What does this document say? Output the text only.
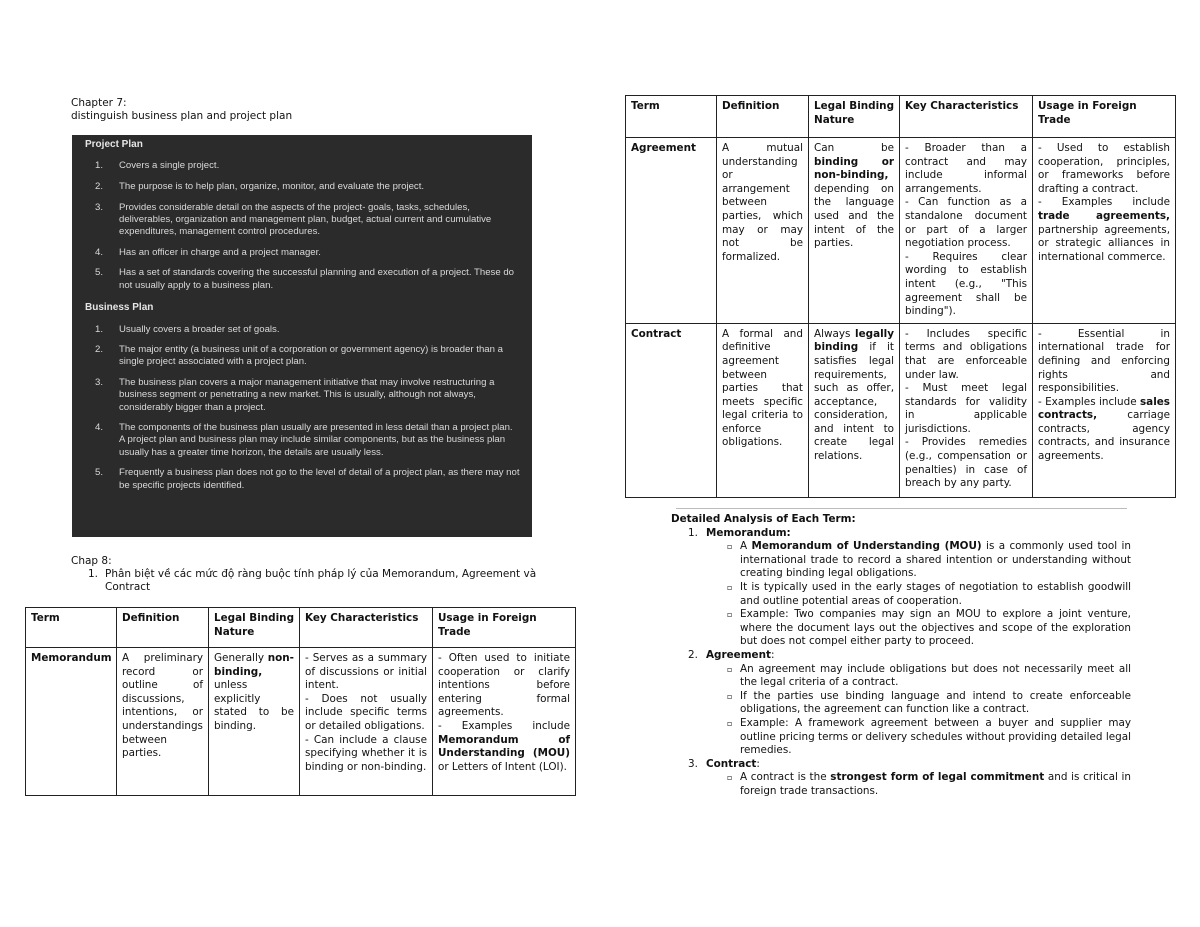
Chapter 7:
distinguish business plan and project plan
Project Plan
1.	Covers a single project.
2.	The purpose is to help plan, organize, monitor, and evaluate the project.
3.	Provides considerable detail on the aspects of the project- goals, tasks, schedules, deliverables, organization and management plan, budget, actual current and cumulative expenditures, management control procedures.
4.	Has an officer in charge and a project manager.
5.	Has a set of standards covering the successful planning and execution of a project. These do not usually apply to a business plan.
Business Plan
1.	Usually covers a broader set of goals.
2.	The major entity (a business unit of a corporation or government agency) is broader than a single project associated with a project plan.
3.	The business plan covers a major management initiative that may involve restructuring a business segment or penetrating a new market. This is usually, although not always, considerably bigger than a project.
4.	The components of the business plan usually are presented in less detail than a project plan. A project plan and business plan may include similar components, but as the business plan usually has a greater time horizon, the details are usually less.
5.	Frequently a business plan does not go to the level of detail of a project plan, as there may not be specific projects identified.
Chap 8:
1. Phân biệt về các mức độ ràng buộc tính pháp lý của Memorandum, Agreement và Contract
Term	Definition	Legal Binding Nature	Key Characteristics	Usage in Foreign Trade
Memorandum	A preliminary record or outline of discussions, intentions, or understandings between parties.	Generally non-binding, unless explicitly stated to be binding.	- Serves as a summary of discussions or initial intent.
- Does not usually include specific terms or detailed obligations.
- Can include a clause specifying whether it is binding or non-binding.	- Often used to initiate cooperation or clarify intentions before entering formal agreements.
- Examples include Memorandum of Understanding (MOU) or Letters of Intent (LOI).
Term	Definition	Legal Binding Nature	Key Characteristics	Usage in Foreign Trade
Agreement	A mutual understanding or arrangement between parties, which may or may not be formalized.	Can be binding or non-binding, depending on the language used and the intent of the parties.	- Broader than a contract and may include informal arrangements.
- Can function as a standalone document or part of a larger negotiation process.
- Requires clear wording to establish intent (e.g., "This agreement shall be binding").	- Used to establish cooperation, principles, or frameworks before drafting a contract.
- Examples include trade agreements, partnership agreements, or strategic alliances in international commerce.
Contract	A formal and definitive agreement between parties that meets specific legal criteria to enforce obligations.	Always legally binding if it satisfies legal requirements, such as offer, acceptance, consideration, and intent to create legal relations.	- Includes specific terms and obligations that are enforceable under law.
- Must meet legal standards for validity in applicable jurisdictions.
- Provides remedies (e.g., compensation or penalties) in case of breach by any party.	- Essential in international trade for defining and enforcing rights and responsibilities.
- Examples include sales contracts, carriage contracts, agency contracts, and insurance agreements.
Detailed Analysis of Each Term:
1. Memorandum:
▫ A Memorandum of Understanding (MOU) is a commonly used tool in international trade to record a shared intention or understanding without creating binding legal obligations.
▫ It is typically used in the early stages of negotiation to establish goodwill and outline potential areas of cooperation.
▫ Example: Two companies may sign an MOU to explore a joint venture, where the document lays out the objectives and scope of the exploration but does not compel either party to proceed.
2. Agreement:
▫ An agreement may include obligations but does not necessarily meet all the legal criteria of a contract.
▫ If the parties use binding language and intend to create enforceable obligations, the agreement can function like a contract.
▫ Example: A framework agreement between a buyer and supplier may outline pricing terms or delivery schedules without providing detailed legal remedies.
3. Contract:
▫ A contract is the strongest form of legal commitment and is critical in foreign trade transactions.
